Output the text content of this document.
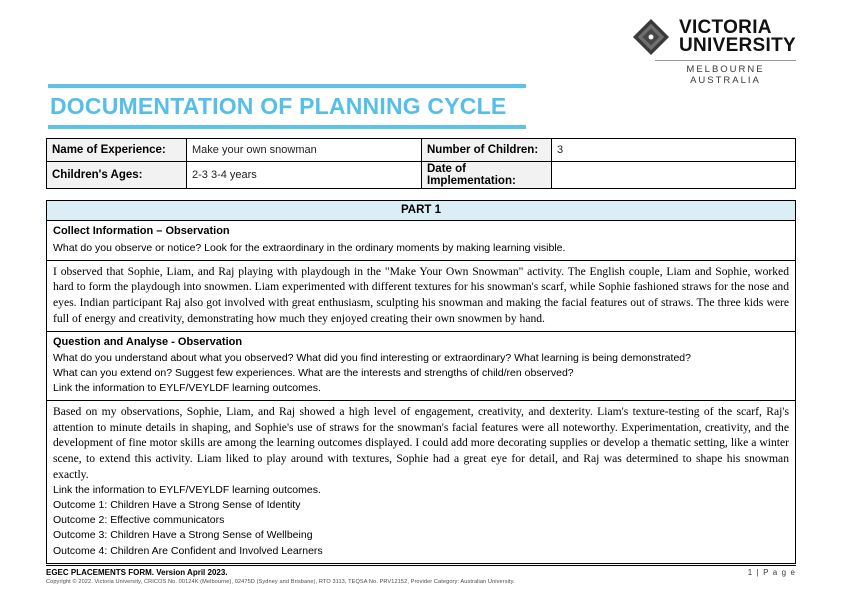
VICTORIA
UNIVERSITY
MELBOURNE AUSTRALIA
DOCUMENTATION OF PLANNING CYCLE
Name of Experience:	Make your own snowman	Number of Children:	3
Children's Ages:	2-3 3-4 years	Date of Implementation:	
PART 1

Collect Information – Observation
What do you observe or notice? Look for the extraordinary in the ordinary moments by making learning visible.

I observed that Sophie, Liam, and Raj playing with playdough in the "Make Your Own Snowman" activity. The English couple, Liam and Sophie, worked hard to form the playdough into snowmen. Liam experimented with different textures for his snowman's scarf, while Sophie fashioned straws for the nose and eyes. Indian participant Raj also got involved with great enthusiasm, sculpting his snowman and making the facial features out of straws. The three kids were full of energy and creativity, demonstrating how much they enjoyed creating their own snowmen by hand.

Question and Analyse - Observation
What do you understand about what you observed? What did you find interesting or extraordinary? What learning is being demonstrated?
What can you extend on? Suggest few experiences. What are the interests and strengths of child/ren observed?
Link the information to EYLF/VEYLDF learning outcomes.

Based on my observations, Sophie, Liam, and Raj showed a high level of engagement, creativity, and dexterity. Liam's texture-testing of the scarf, Raj's attention to minute details in shaping, and Sophie's use of straws for the snowman's facial features were all noteworthy. Experimentation, creativity, and the development of fine motor skills are among the learning outcomes displayed. I could add more decorating supplies or develop a thematic setting, like a winter scene, to extend this activity. Liam liked to play around with textures, Sophie had a great eye for detail, and Raj was determined to shape his snowman exactly.

Link the information to EYLF/VEYLDF learning outcomes.
Outcome 1: Children Have a Strong Sense of Identity
Outcome 2: Effective communicators
Outcome 3: Children Have a Strong Sense of Wellbeing
Outcome 4: Children Are Confident and Involved Learners
EGEC PLACEMENTS FORM. Version April 2023.	1 | P a g e
Copyright © 2022. Victoria University, CRICOS No. 00124K (Melbourne), 02475D (Sydney and Brisbane), RTO 3113, TEQSA No. PRV12152, Provider Category: Australian University.
